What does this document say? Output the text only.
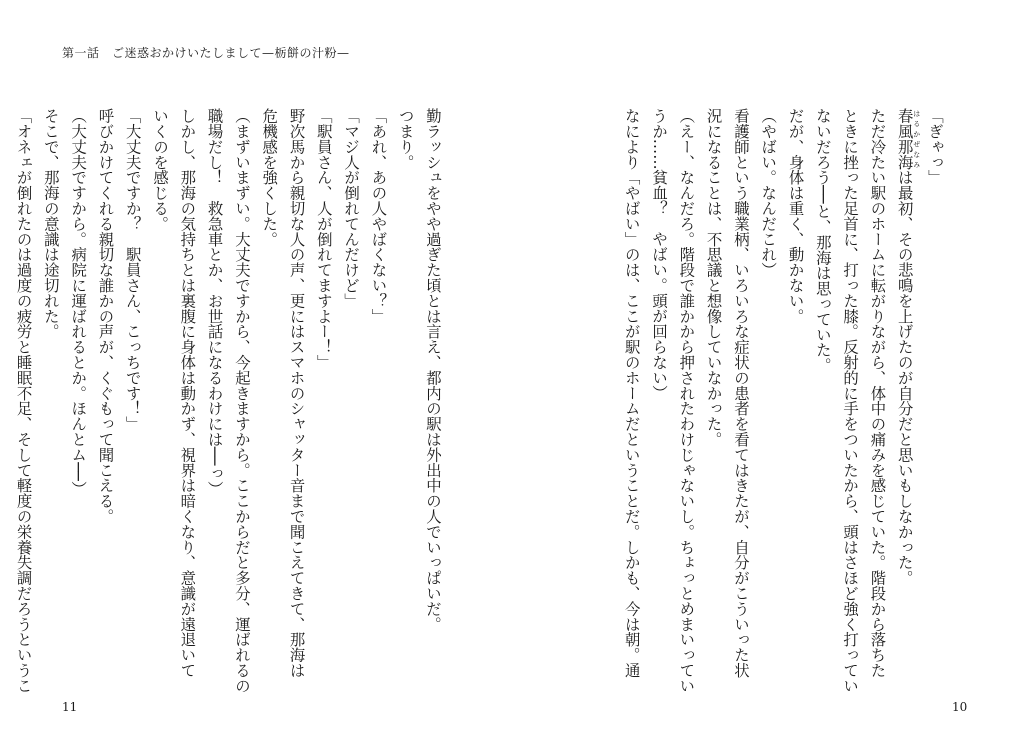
第一話　ご迷惑おかけいたしまして—栃餅の汁粉—

「ぎゃっ」

春風那海 はるかぜなみは最初、その悲鳴を上げたのが自分だと思いもしなかった。

ただ冷たい駅のホームに転がりながら、体中の痛みを感じていた。階段から落ちた

ときに挫った足首に、打った膝。反射的に手をついたから、頭はさほど強く打ってい

ないだろう──と、那海は思っていた。

だが、身体は重く、動かない。

（やばい。なんだこれ）

看護師という職業柄、いろいろな症状の患者を看てはきたが、自分がこういった状

況になることは、不思議と想像していなかった。

（えー、なんだろ。階段で誰かから押されたわけじゃないし。ちょっとめまいってい

うか……貧血？　やばい。頭が回らない）

なにより「やばい」のは、ここが駅のホームだということだ。しかも、今は朝。通

勤ラッシュをやや過ぎた頃とは言え、都内の駅は外出中の人でいっぱいだ。

つまり。

「あれ、あの人やばくない？」

「マジ人が倒れてんだけど」

「駅員さん、人が倒れてますよー！」

野次馬から親切な人の声、更にはスマホのシャッター音まで聞こえてきて、那海は

危機感を強くした。

（まずいまずい。大丈夫ですから、今起きますから。ここからだと多分、運ばれるの

職場だし！　救急車とか、お世話になるわけには──っ）

しかし、那海の気持ちとは裏腹に身体は動かず、視界は暗くなり、意識が遠退いて

いくのを感じる。

「大丈夫ですか？　駅員さん、こっちです！」

呼びかけてくれる親切な誰かの声が、くぐもって聞こえる。

（大丈夫ですから。病院に運ばれるとか。ほんとム──）

そこで、那海の意識は途切れた。

「オネェが倒れたのは過度の疲労と睡眠不足、そして軽度の栄養失調だろうというこ

11	10
